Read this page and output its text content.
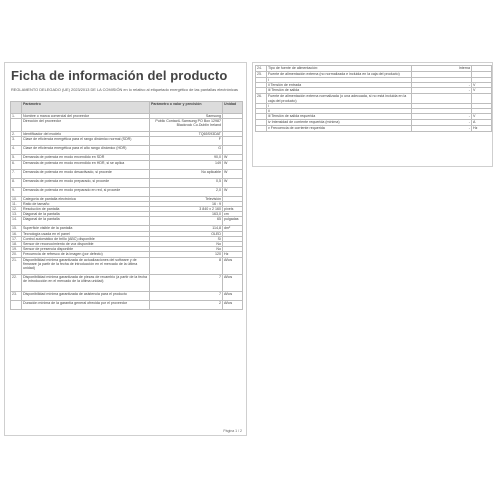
Ficha de información del producto
REGLAMENTO DELEGADO (UE) 2023/2013 DE LA COMISIÓN en lo relativo al etiquetado energético de las pantallas electrónicas
	Parámetro	Parámetro o valor y precisión	Unidad
1.	Nombre o marca comercial del proveedor	Samsung	
	Dirección del proveedor	Public ContactL Samsung PO Box 12987 Blackrock Co.Dublin Ireland	
2.	Identificador del modelo	TQ65S93DAT	
3.	Clase de eficiencia energética para el rango dinámico normal (SDR)	F	
4.	Clase de eficiencia energética para el alto rango dinámico (HDR)	G	
5.	Demanda de potencia en modo encendido en SDR	90,0	W
6.	Demanda de potencia en modo encendido en HDR, si se aplica	149	W
7.	Demanda de potencia en modo desactivado, si procede	No aplicable	W
8.	Demanda de potencia en modo preparado, si procede	0,5	W
9.	Demanda de potencia en modo preparado en red, si procede	2,0	W
10.	Categoría de pantalla electrónica	Televisión	
11.	Ratio de tamaño	16 : 9	
12.	Resolución de pantalla	3 840 x 2 160	píxels
13.	Diagonal de la pantalla	163,0	cm
14.	Diagonal de la pantalla	65	pulgadas
15.	Superficie visible de la pantalla	114,8	dm²
16.	Tecnología usada en el panel	OLED	
17.	Control automático de brillo (ABC) disponible	Sí	
18.	Sensor de reconocimiento de voz disponible	No	
19.	Sensor de presencia disponible	No	
20.	Frecuencia de refresco de la imagen (por defecto)	120	Hz
21.	Disponibilidad mínima garantizada de actualizaciones del software y de firmware (a partir de la fecha de introducción en el mercado de la última unidad)	8	Años
22.	Disponibilidad mínima garantizada de piezas de recambio (a partir de la fecha de introducción en el mercado de la última unidad)	7	Años
23.	Disponibilidad mínima garantizada de asistencia para el producto	7	Años
	Duración mínima de la garantía general ofrecida por el proveedor	2	Años
Página 1 / 2
24.	Tipo de fuente de alimentación:	Interna	
25.	Fuente de alimentación externa (no normalizada e incluida en la caja del producto)		
	i		
	ii Tensión de entrada	-	V
	iii Tensión de salida	-	V
26.	Fuente de alimentación externa normalizada (o una adecuada, si no está incluida en la caja del producto)		
	i		
	ii		
	iii Tensión de salida requerida	-	V
	iv Intensidad de corriente requerida (mínima)	-	A
	v Frecuencia de corriente requerida	-	Hz
